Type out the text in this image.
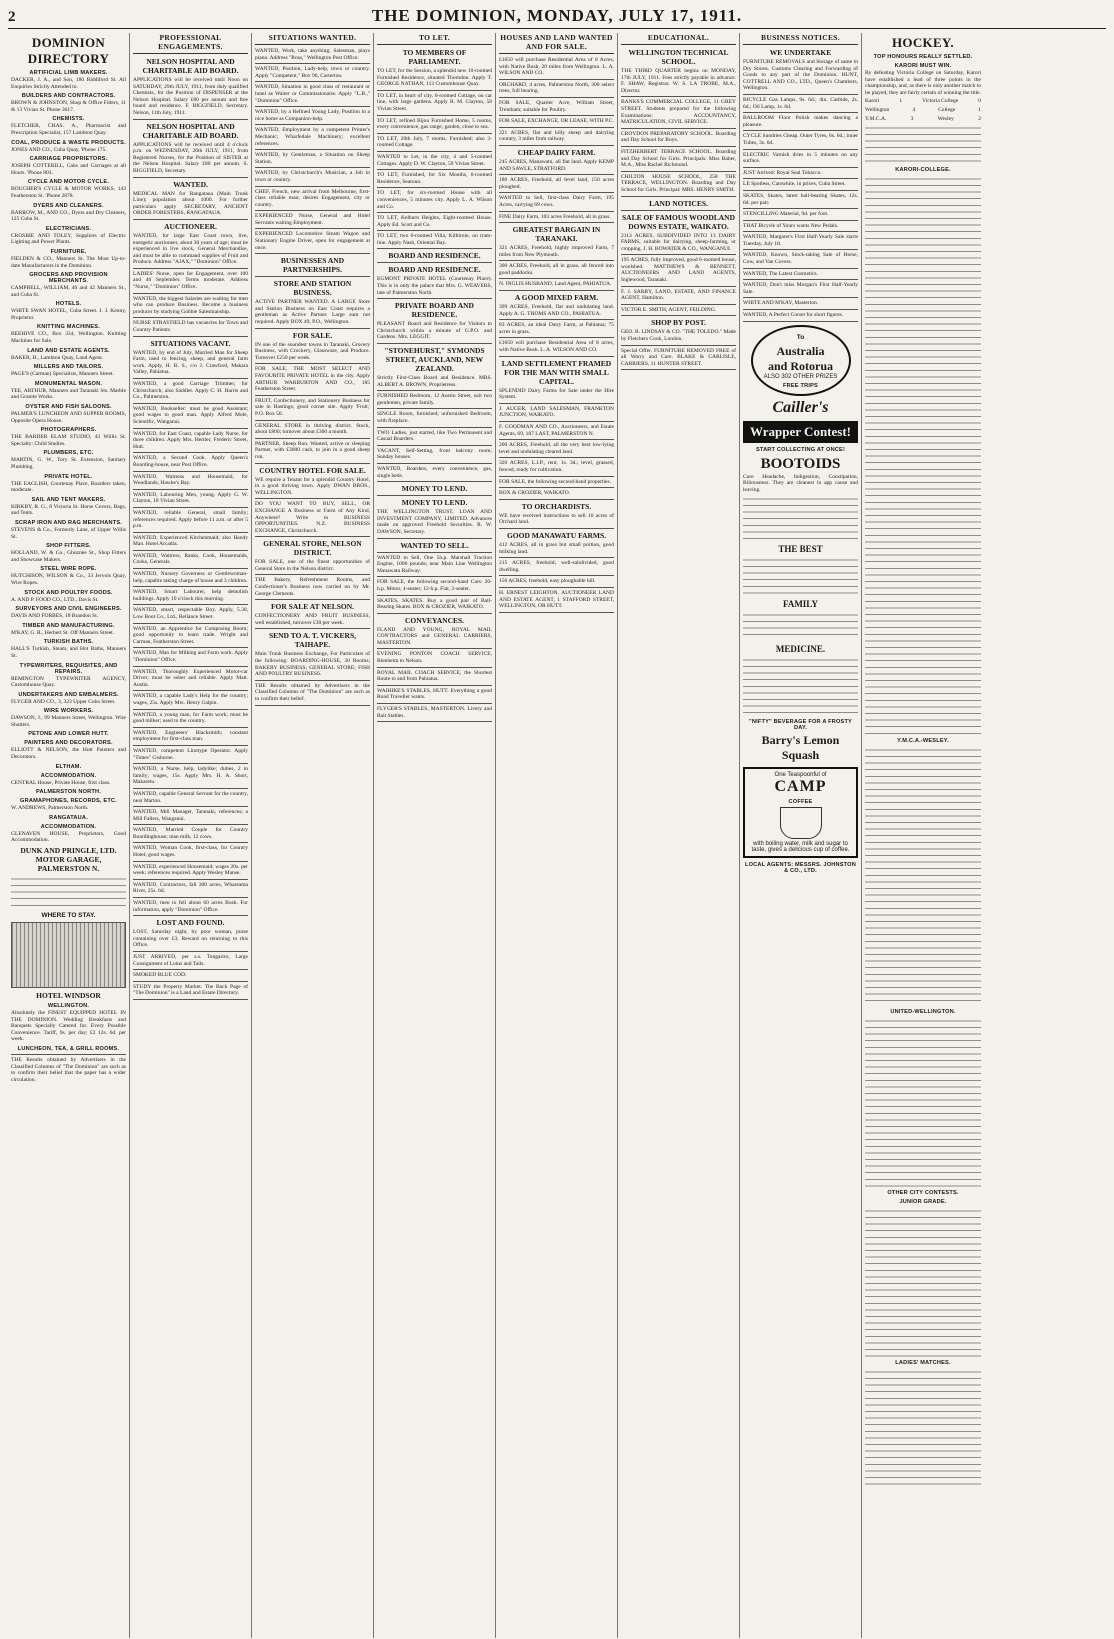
2	THE DOMINION, MONDAY, JULY 17, 1911.
DOMINION DIRECTORY
ARTIFICIAL LIMB MAKERS.

DACKER, J. A., and Son, 180 Riddiford St. All Enquiries Strictly Attended to.

BUILDERS AND CONTRACTORS.

BROWN & JOHNSTON, Shop & Office Fitters, 11 & 13 Vivian St. Phone 3617.

CHEMISTS.

FLETCHER, CHAS. A., Pharmacist and Prescription Specialist, 157 Lambton Quay.

COAL, PRODUCE & WASTE PRODUCTS.

JONES AND CO., Cuba Quay, 'Phone 175.

CARRIAGE PROPRIETORS.

JOSEPH COTTERILL, Cabs and Carriages at all Hours. 'Phone 803.

CYCLE AND MOTOR CYCLE.

BOUCHER'S CYCLE & MOTOR WORKS, 143 Featherston St. 'Phone 2878.

DYERS AND CLEANERS.

BARROW, M., AND CO., Dyers and Dry Cleaners, 125 Cuba St.

ELECTRICIANS.

CROSBIE AND TOLEY, Suppliers of Electric Lighting and Power Plants.

FURNITURE.

FIELDEN & CO., Manners St. The Most Up-to-date Manufacturers in the Dominion.

GROCERS AND PROVISION MERCHANTS.

CAMPBELL, WILLIAM, 40 and 42 Manners St., and Cuba St.

HOTELS.

WHITE SWAN HOTEL, Cuba Street. J. J. Kenny, Proprietor.

KNITTING MACHINES.

BEEHIVE CO., Box 334, Wellington. Knitting Machines for Sale.

LAND AND ESTATE AGENTS.

BAKER, H., Lambton Quay, Land Agent.

MILLERS AND TAILORS.

PAGE'S (Carman) Specialists, Manners Street.

MONUMENTAL MASON.

TEE, ARTHUR, Manners and Taranaki Sts. Marble and Granite Works.

OYSTER AND FISH SALOONS.

PALMER'S LUNCHEON AND SUPPER ROOMS, Opposite Opera House.

PHOTOGRAPHERS.

THE BARDER ELAM STUDIO, 43 Willis St. Specialty: Child Studies.

PLUMBERS, ETC.

MARTIN, G. W., Tory St. Extension, Sanitary Plumbing.

PRIVATE HOTEL.

THE EAGLISH, Courtenay Place, Boarders taken, moderate.

SAIL AND TENT MAKERS.

KIRKBY, R. G., 8 Victoria St. Horse Covers, Bags, and Tents.

SCRAP IRON AND RAG MERCHANTS.

STEVENS & Co., Formerly Lane, of Upper Willis St.

SHOP FITTERS.

HOLLAND, W. & Co., Ghuznee St., Shop Fitters and Showcase Makers.

STEEL WIRE ROPE.

HUTCHISON, WILSON & Co., 33 Jervois Quay, Wire Ropes.

STOCK AND POULTRY FOODS.

A. AND P. FOOD CO., LTD., Davis St.

SURVEYORS AND CIVIL ENGINEERS.

DAVIS AND FORBES, 18 Brandon St.

TIMBER AND MANUFACTURING.

M'KAY, G. R., Herbert St. Off Manners Street.

TURKISH BATHS.

HALL'S Turkish, Steam, and Hot Baths, Manners St.

TYPEWRITERS, REQUISITES, AND REPAIRS.

REMINGTON TYPEWRITER AGENCY, Customhouse Quay.

UNDERTAKERS AND EMBALMERS.

FLYGER AND CO., 3, 323 Upper Cuba Street.

WIRE WORKERS.

DAWSON, J., 99 Manners Street, Wellington. Wire Shutters.

PETONE AND LOWER HUTT.
PAINTERS AND DECORATORS.

ELLIOTT & NELSON, the Hutt Painters and Decorators.

ELTHAM.
ACCOMMODATION.

CENTRAL House, Private House, first class.

PALMERSTON NORTH.
GRAMAPHONES, RECORDS, ETC.

W. ANDREWS, Palmerston North.

RANGATAUA.
ACCOMMODATION.

GLENAVEN HOUSE, Proprietors, Good Accommodation.

DUNK AND PRINGLE, LTD. MOTOR GARAGE, PALMERSTON N.
WHERE TO STAY.
HOTEL WINDSOR
WELLINGTON.

Absolutely the FINEST EQUIPPED HOTEL IN THE DOMINION. Wedding Breakfasts and Banquets Specially Catered for. Every Possible Convenience. Tariff, 9s. per day; £2 12s. 6d. per week.

LUNCHEON, TEA, & GRILL ROOMS.

THE Results obtained by Advertisers in the Classified Columns of "The Dominion" are such as to confirm their belief that the paper has a wider circulation.

PROFESSIONAL ENGAGEMENTS.
NELSON HOSPITAL AND CHARITABLE AID BOARD.

APPLICATIONS will be received until Noon on SATURDAY, 29th JULY, 1911, from duly qualified Chemists, for the Position of DISPENSER at the Nelson Hospital. Salary £80 per annum and free board and residence. F. BIGGFIELD, Secretary. Nelson, 11th July, 1911.

NELSON HOSPITAL AND CHARITABLE AID BOARD.

APPLICATIONS will be received until 4 o'clock p.m. on WEDNESDAY, 26th JULY, 1911, from Registered Nurses, for the Position of SISTER at the Nelson Hospital. Salary £80 per annum. S. BIGGFIELD, Secretary.

WANTED.

MEDICAL MAN for Rangataua (Main Trunk Line); population about 1000. For further particulars apply SECRETARY, ANCIENT ORDER FORESTERS, RANGATAUA.

AUCTIONEER.

WANTED, for large East Coast town, live, energetic auctioneer, about 30 years of age; must be experienced in live stock, General Merchandise, and must be able to command supplies of Fruit and Produce. Address "AJAX," "Dominion" Office.

LADIES' Nurse, open for Engagement, over 100 and 40 Seplember. Terms moderate. Address "Nurse," "Dominion" Office.

WANTED, the biggest Salaries are waiting for men who can produce Business. Become a business producer by studying Gobbie Salesmanship.

NURSE STRAYFIELD has vacancies for Town and Country Patients.

SITUATIONS VACANT.

WANTED, by end of July, Married Man for Sheep Farm, used to fencing, sheep, and general farm work. Apply, H. R. S., c/o J. Crawford, Makara Valley, Pahiatua.

WANTED, a good Carriage Trimmer, for Christchurch; also Saddler. Apply C. H. Harris and Co., Palmerston.

WANTED, Bookseller: must be good Assistant; good wages to good man. Apply Alfred Mole, Scientific, Wanganui.

WANTED, for East Coast, capable Lady Nurse, for three children. Apply Mrs. Hertler, Frederic Street, Hutt.

WANTED, a Second Cook. Apply Queen's Boarding-house, near Post Office.

WANTED, Waitress and Housemaid, for Woodlands, Hawke's Bay.

WANTED, Labouring Men, young. Apply G. W. Clayton, 18 Vivian Street.

WANTED, reliable General, small family; references required. Apply before 11 a.m. or after 5 p.m.

WANTED, Experienced Kitchenmaid; also Handy Man. Hotel Arcadia.

WANTED, Waitress, Ranks, Cook, Housemaids, Cooks, Generals.

WANTED, Nursery Governess or Gentlewoman-help, capable taking charge of house and 3 children.

WANTED, Smart Labourer, help demolish buildings. Apply 10 o'clock this morning.

WANTED, smart, respectable Boy. Apply, 5.30, Low Boot Co., Ltd., Bellance Street.

WANTED, an Apprentice for Composing Room; good opportunity to learn trade. Wright and Carman, Featherston Street.

WANTED, Man for Milking and Farm work. Apply "Dominion" Office.

WANTED, Thoroughly Experienced Motor-car Driver; must be sober and reliable. Apply Matt. Austin.

WANTED, a capable Lady's Help for the country; wages, 25s. Apply Mrs. Henry Galpin.

WANTED, a young man, for Farm work; must be good milker; used to the country.

WANTED, Engineers' Blacksmith; constant employment for first-class man.

WANTED, competent Linotype Operator. Apply "Times" Gisborne.

WANTED, a Nurse, help, ladylike; duties, 2 in family; wages, 15s. Apply Mrs. H. A. Short, Makaretu.

WANTED, capable General Servant for the country, near Marton.

WANTED, Mill Manager, Taranaki, references; a Mill Fallers, Wanganui.

WANTED, Married Couple for Country Boardinghouse; man milk, 12 cows.

WANTED, Woman Cook, first-class, for Country Hotel; good wages.

WANTED, experienced Housemaid; wages 20s. per week; references required. Apply Wesley Manse.

WANTED, Contractors, fall 300 acres, Whareama River, 25s. 6d.

WANTED, men to fell about 60 acres Bush. For information, apply "Dominion" Office.

LOST AND FOUND.

LOST, Saturday night, by poor woman, purse containing over £3. Reward on returning to this Office.

JUST ARRIVED, per s.s. Tongariro, Large Consignment of Loins and Tails.

SMOKED BLUE COD.

STUDY the Property Market. The Back Page of "The Dominion" is a Land and Estate Directory.

SITUATIONS WANTED.

WANTED, Work, take anything; Salesman, plays piano. Address "Ross," Wellington Post Office.

WANTED, Position, Lady-help, town or country. Apply "Competent," Box 96, Carterton.

WANTED, Situation in good class of restaurant or hotel as Waiter or Commissionaire. Apply "L.B.," "Dominion" Office.

WANTED, by a Refined Young Lady, Position in a nice home as Companion-help.

WANTED, Employment by a competent Printer's Mechanic; Wharfedale Machinery; excellent references.

WANTED, by Gentleman, a Situation on Sheep Station.

WANTED, by Christchurch's Musician, a Job in town or country.

CHEF, French, new arrival from Melbourne, first-class reliable man; desires Engagement, city or country.

EXPERIENCED Nurse, General and Hotel Servants waiting Employment.

EXPERIENCED Locomotive Steam Wagon and Stationary Engine Driver, open for engagement at once.

BUSINESSES AND PARTNERSHIPS.
STORE AND STATION BUSINESS.

ACTIVE PARTNER WANTED. A LARGE Store and Station Business on East Coast requires a gentleman as Active Partner. Large sum not required. Apply BOX 49, P.O., Wellington.

FOR SALE.

IN one of the soundest towns in Taranaki, Grocery Business, with Crockery, Glassware, and Produce. Turnover £250 per week.

FOR SALE, THE MOST SELECT AND FAVOURITE PRIVATE HOTEL in the city. Apply ARTHUR WARBURTON AND CO., 185 Featherston Street.

FRUIT, Confectionery, and Stationery Business for sale in Hastings; good corner site. Apply 'Fruit,' P.O. Box 50.

GENERAL STORE in thriving district. Stock, about £800; turnover about £300 a month.

PARTNER, Sheep Run. Wanted, active or sleeping Partner, with £3000 cash, to join in a good sheep run.

COUNTRY HOTEL FOR SALE.

WE require a Tenant for a splendid Country Hotel, in a good thriving town. Apply DWAN BROS., WELLINGTON.

DO YOU WANT TO BUY, SELL, OR EXCHANGE A Business or Farm of Any Kind, Anywhere? Write to BUSINESS OPPORTUNITIES. N.Z. BUSINESS EXCHANGE, Christchurch.

GENERAL STORE, NELSON DISTRICT.

FOR SALE, one of the finest opportunities of General Store in the Nelson district.

THE Bakery, Refreshment Rooms, and Confectioner's Business now carried on by Mr. George Clements.

FOR SALE AT NELSON.

CONFECTIONERY AND FRUIT BUSINESS, well established, turnover £30 per week.

SEND TO A. T. VICKERS, TAIHAPE.

Main Trunk Business Exchange, For Particulars of the following: BOARDING-HOUSE, 30 Rooms; BAKERY BUSINESS; GENERAL STORE; FISH AND POULTRY BUSINESS.

THE Results obtained by Advertisers in the Classified Columns of "The Dominion" are such as to confirm their belief.

TO LET.
TO MEMBERS OF PARLIAMENT.

TO LET, for the Session, a splendid new 10-roomed Furnished Residence, situated Thorndon. Apply T. GEORGE NATHAN, 113 Customhouse Quay.

TO LET, in heart of city, 6-roomed Cottage, on car line, with large gardens. Apply R. M. Clayton, 58 Vivian Street.

TO LET, refined Bijou Furnished Home, 5 rooms, every convenience, gas range, garden, close to sea.

TO LET, 20th July, 7 rooms, Furnished; also 3-roomed Cottage.

WANTED to Let, in the city, 4 and 5-roomed Cottages. Apply D. W. Clayton, 59 Vivian Street.

TO LET, Furnished, for Six Months, 6-roomed Residence, Seatoun.

TO LET, for six-roomed House with all conveniences, 5 minutes city. Apply L. A. Wilson and Co.

TO LET, Kelburn Heights, Eight-roomed House. Apply Ed. Scott and Co.

TO LET, two 6-roomed Villa, Kilbirnie, on tram-line. Apply Nash, Oriental Bay.

BOARD AND RESIDENCE.
BOARD AND RESIDENCE.

EGMONT PRIVATE HOTEL (Courtenay Place). This is in only the palace that Mrs. G. WEAVERS, late of Palmerston North.

PRIVATE BOARD AND RESIDENCE.

PLEASANT Board and Residence for Visitors to Christchurch within a minute of G.P.O. and Gardens. Mrs. LEGGIT.

"STONEHURST," SYMONDS STREET, AUCKLAND, NEW ZEALAND.

Strictly First-Class Board and Residence. MRS. ALBERT A. BROWN, Proprietress.

FURNISHED Bedroom, 12 Austin Street, suit two gentlemen, private family.

SINGLE Room, furnished; unfurnished Bedroom, with fireplace.

TWO Ladies, just started, like Two Permanent and Casual Boarders.

VACANT, Self-Setting, front balcony room; Sunday houses.

WANTED, Boarders, every convenience, gas, single beds.

MONEY TO LEND.
MONEY TO LEND.

THE WELLINGTON TRUST, LOAN AND INVESTMENT COMPANY, LIMITED. Advances made on approved Freehold Securities. R. W. DAWSON, Secretary.

WANTED TO SELL.

WANTED to Sell, One 5h.p. Marshall Traction Engine, 1000 pounds; near Main Line Wellington Manawatu Railway.

FOR SALE, the following second-hand Cars: 20-h.p. Motor, 4-seater; 12-h.p. Fiat, 2-seater.

SKATES, SKATES. Buy a good pair of Ball-Bearing Skates. BOX & CROZIER, WAIKATO.

CONVEYANCES.

FLAND AND YOUNG, ROYAL MAIL CONTRACTORS and GENERAL CARRIERS, MASTERTON.

EVENING PONTON COACH SERVICE, Blenheim to Nelson.

ROYAL MAIL COACH SERVICE, the Shortest Route to and from Pahiatua.

WAIHIKE'S STABLES, HUTT. Everything a good Road Traveller wants.

FLYGER'S STABLES, MASTERTON. Livery and Bait Stables.

HOUSES AND LAND WANTED AND FOR SALE.

£1650 will purchase Residential Area of 8 Acres, with Native Bush, 20 miles from Wellington. L. A. WILSON AND CO.

ORCHARD, 4 acres, Palmerston North, 300 select trees, full bearing.

FOR SALE, Quarter Acre, William Street, Trentham; suitable for Poultry.

FOR SALE, EXCHANGE, OR LEASE, WITH P.C.

221 ACRES, flat and hilly sheep and dairying country, 3 miles from railway.

CHEAP DAIRY FARM.

245 ACRES, Manawatu, all flat land. Apply KEMP AND SAWLE, STRATFORD.

180 ACRES, Freehold, all level land, 150 acres ploughed.

WANTED to Sell, first-class Dairy Farm, 195 Acres, carrying 69 cows.

FINE Dairy Farm, 103 acres Freehold, all in grass.

GREATEST BARGAIN IN TARANAKI.

321 ACRES, Freehold, highly improved Farm, 7 miles from New Plymouth.

300 ACRES, Freehold, all in grass, all fenced into good paddocks.

N. INGLIS HUSBAND, Land Agent, PAHIATUA.

A GOOD MIXED FARM.

399 ACRES, Freehold, flat and undulating land. Apply A. G. THOMS AND CO., PAHIATUA.

83 ACRES, an ideal Dairy Farm, at Pahiatua; 75 acres in grass.

£1650 will purchase Residential Area of 8 acres, with Native Bush. L. A. WILSON AND CO.

LAND SETTLEMENT FRAMED FOR THE MAN WITH SMALL CAPITAL.

SPLENDID Dairy Farms for Sale under the Hire System.

J. AUGER, LAND SALESMAN, FRANKTON JUNCTION, WAIKATO.

F. GOODMAN AND CO., Auctioneers, and Estate Agents, 69, 187 LAST, PALMERSTON N.

200 ACRES, Freehold, all the very best low-lying level and undulating cleared land.

320 ACRES, L.I.P., rent, 1s. 3d.; level, grassed, fenced, ready for cultivation.

FOR SALE, the following second-hand properties.

BOX & CROZIER, WAIKATO.

TO ORCHARDISTS.

WE have received instructions to sell 10 acres of Orchard land.

GOOD MANAWATU FARMS.

412 ACRES, all in grass but small portion, good milking land.

215 ACRES, freehold; well-subdivided, good dwelling.

150 ACRES, freehold, easy ploughable hill.

H. ERNEST LEIGHTON, AUCTIONEER LAND AND ESTATE AGENT, 1 STAFFORD STREET, WELLINGTON, OR HUTT.

EDUCATIONAL.
WELLINGTON TECHNICAL SCHOOL.

THE THIRD QUARTER begins on MONDAY, 17th JULY, 1911. Fees strictly payable in advance. F. SHAW, Registrar. W. S. LA TROBE, M.A., Director.

BANKS'S COMMERCIAL COLLEGE, 11 GREY STREET. Students prepared for the following Examinations: ACCOUNTANCY, MATRICULATION, CIVIL SERVICE.

CROYDON PREPARATORY SCHOOL. Boarding and Day School for Boys.

FITZHERBERT TERRACE SCHOOL. Boarding and Day School for Girls. Principals: Miss Baber, M.A., Miss Rachel Richmond.

CHILTON HOUSE SCHOOL, 258 THE TERRACE, WELLINGTON. Boarding and Day School for Girls. Principal: MRS. HENRY SMITH.

LAND NOTICES.
SALE OF FAMOUS WOODLAND DOWNS ESTATE, WAIKATO.

2113 ACRES, SUBDIVIDED INTO 13 DAIRY FARMS, suitable for dairying, sheep-farming, or cropping. J. H. BOWATER & CO., WANGANUI.

195 ACRES, fully improved, good 6-roomed house, woolshed. MATTHEWS & BENNETT, AUCTIONEERS AND LAND AGENTS, Inglewood, Taranaki.

F. J. SARBY, LAND, ESTATE, AND FINANCE AGENT, Hamilton.

VICTOR E. SMITH, AGENT, FEILDING.

SHOP BY POST.

GEO. R. LINDSAY & CO. "THE TOLEDO." Made by Fletchers Cook, London.

Special Offer. FURNITURE REMOVED FREE of all Worry and Care. BLAKE & CARLISLE, CARRIERS, 11 HUNTER STREET.

BUSINESS NOTICES.
WE UNDERTAKE

FURNITURE REMOVALS and Storage of same in Dry Stores. Customs Clearing and Forwarding of Goods to any part of the Dominion. HUNT, COTTRELL AND CO., LTD., Queen's Chambers, Wellington.

BICYCLE Gas Lamps, 9s. 6d.; 4in. Carbide, 2s. 6d.; Oil Lamp, 1s. 6d.

BALLROOM Floor Polish makes dancing a pleasure.

CYCLE Sundries Cheap. Outer Tyres, 6s. 6d.; inner Tubes, 3s. 6d.

ELECTRIC Varnish dries in 5 minutes on any surface.

JUST Arrived: Royal Seal Tobacco.

LE Spotless, Catswhite, in prices, Cuba Street.

SKATES, Skates, latest ball-bearing Skates, 12s. 6d. per pair.

STENCILLING Material, 9d. per foot.

THAT Bicycle of Yours wants New Pedals.

WANTED, Margaret's First Half-Yearly Sale starts Tuesday, July 18.

WANTED, Known, Stock-taking Sale of Horse, Cow, and Van Covers.

WANTED, The Latest Cosmetics.

WANTED, Don't miss Morgan's First Half-Yearly Sale.

WHITE AND M'KAY, Masterton.

WANTED, A Perfect Corset for short figures.

To
Australia
and Rotorua
ALSO 302 OTHER PRIZES
FREE TRIPS
Cailler's
Wrapper Contest!
START COLLECTING AT ONCE!
BOOTOIDS

Cure Headache, Indigestion, Constipation, Biliousness. They are cleanest in app cause and leaving.

THE BEST
FAMILY
MEDICINE.
"NIFTY" BEVERAGE FOR A FROSTY DAY.
Barry's Lemon Squash
One Teaspoonful of
CAMP
COFFEE
with boiling water, milk and sugar to taste, gives a delicious cup of coffee.
LOCAL AGENTS: MESSRS. JOHNSTON & CO., LTD.
HOCKEY.
TOP HONOURS REALLY SETTLED.
KARORI MUST WIN.

By defeating Victoria College on Saturday, Karori have established a lead of three points in the championship, and, as there is only another match to be played, they are fairly certain of winning the title.

Karori	1	Victoria College	0
Wellington	4	College	1
Y.M.C.A.	3	Wesley	2
KARORI-COLLEGE.
Y.M.C.A.-WESLEY.
UNITED-WELLINGTON.
OTHER CITY CONTESTS.
JUNIOR GRADE.
LADIES' MATCHES.
